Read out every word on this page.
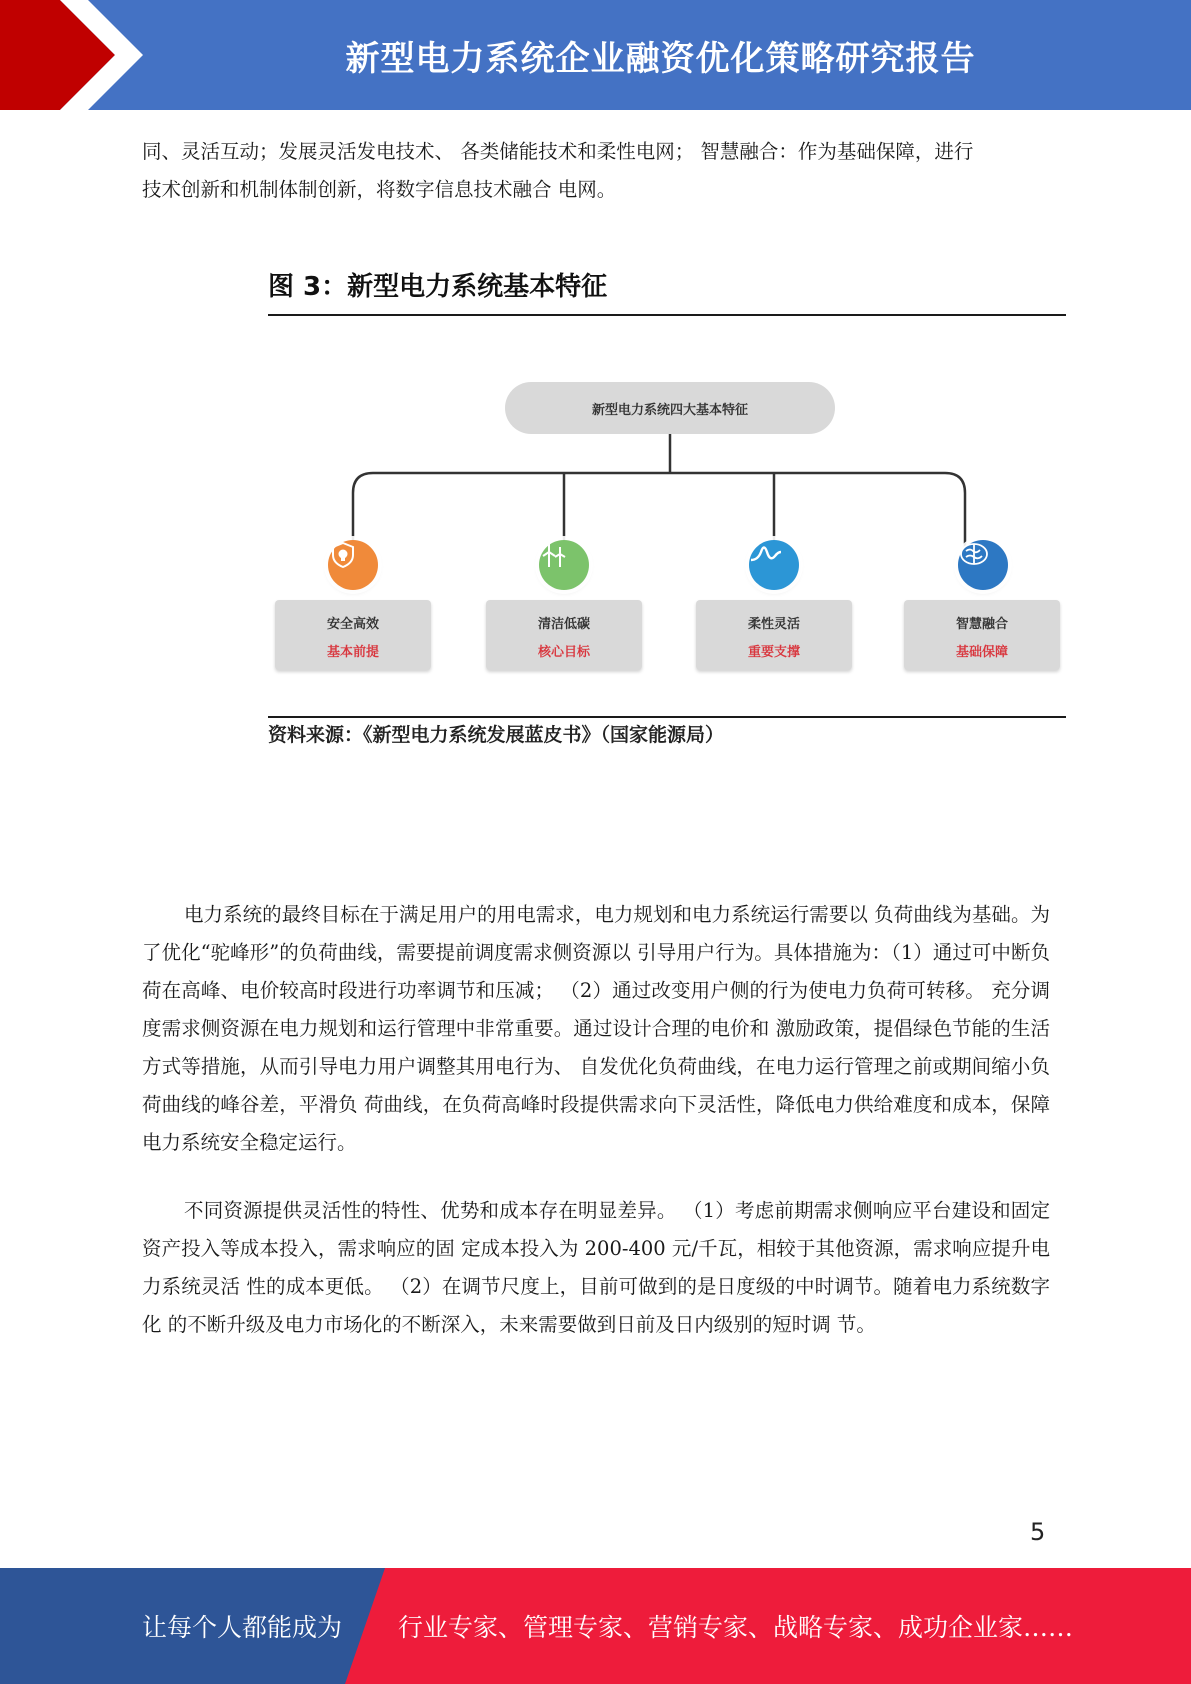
新型电力系统企业融资优化策略研究报告
同、灵活互动；发展灵活发电技术、 各类储能技术和柔性电网； 智慧融合：作为基础保障，进行
技术创新和机制体制创新，将数字信息技术融合 电网。
图 3：新型电力系统基本特征
新型电力系统四大基本特征
安全高效
基本前提
清洁低碳
核心目标
柔性灵活
重要支撑
智慧融合
基础保障
资料来源：《新型电力系统发展蓝皮书》（国家能源局）

电力系统的最终目标在于满足用户的用电需求，电力规划和电力系统运行需要以 负荷曲线为基础。为了优化“驼峰形”的负荷曲线，需要提前调度需求侧资源以 引导用户行为。具体措施为：（1）通过可中断负荷在高峰、电价较高时段进行功率调节和压减； （2）通过改变用户侧的行为使电力负荷可转移。 充分调度需求侧资源在电力规划和运行管理中非常重要。通过设计合理的电价和 激励政策，提倡绿色节能的生活方式等措施，从而引导电力用户调整其用电行为、 自发优化负荷曲线，在电力运行管理之前或期间缩小负荷曲线的峰谷差，平滑负 荷曲线，在负荷高峰时段提供需求向下灵活性，降低电力供给难度和成本，保障 电力系统安全稳定运行。

不同资源提供灵活性的特性、优势和成本存在明显差异。 （1）考虑前期需求侧响应平台建设和固定资产投入等成本投入，需求响应的固 定成本投入为 200-400 元/千瓦，相较于其他资源，需求响应提升电力系统灵活 性的成本更低。 （2）在调节尺度上，目前可做到的是日度级的中时调节。随着电力系统数字化 的不断升级及电力市场化的不断深入，未来需要做到日前及日内级别的短时调 节。

5
让每个人都能成为 行业专家、管理专家、营销专家、战略专家、成功企业家……
